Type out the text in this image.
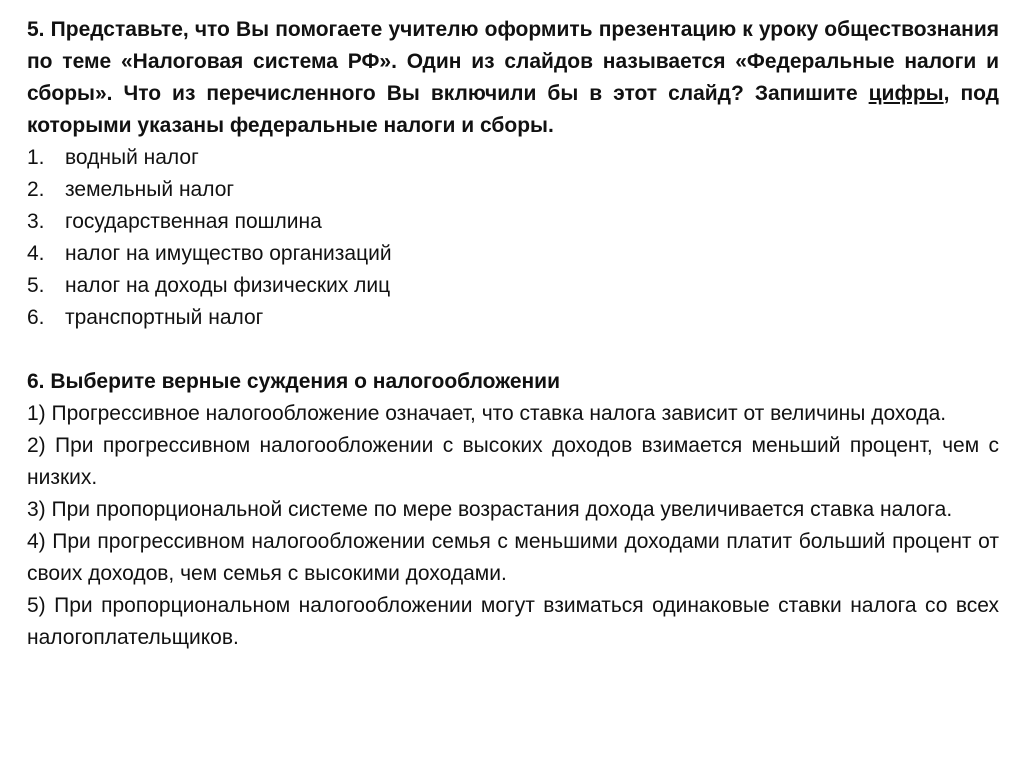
5. Представьте, что Вы помогаете учителю оформить презентацию к уроку обществознания по теме «Налоговая система РФ». Один из слайдов называется «Федеральные налоги и сборы». Что из перечисленного Вы включили бы в этот слайд? Запишите цифры, под которыми указаны федеральные налоги и сборы.

1. водный налог
2. земельный налог
3. государственная пошлина
4. налог на имущество организаций
5. налог на доходы физических лиц
6. транспортный налог

6. Выберите верные суждения о налогообложении

1) Прогрессивное налогообложение означает, что ставка налога зависит от величины дохода.

2) При прогрессивном налогообложении с высоких доходов взимается меньший процент, чем с низких.

3) При пропорциональной системе по мере возрастания дохода увеличивается ставка налога.

4) При прогрессивном налогообложении семья с меньшими доходами платит больший процент от своих доходов, чем семья с высокими доходами.

5) При пропорциональном налогообложении могут взиматься одинаковые ставки налога со всех налогоплательщиков.
